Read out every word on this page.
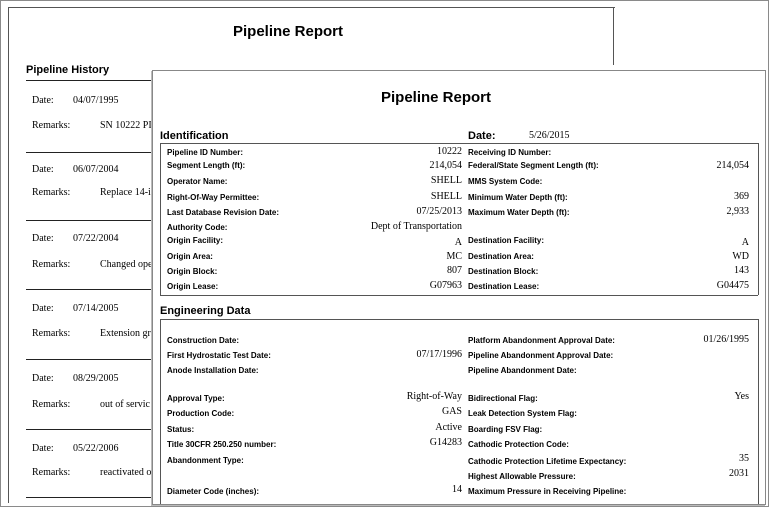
Pipeline Report
Pipeline History
Date: 04/07/1995
Remarks:	SN 10222 PI
Date: 06/07/2004
Remarks:	Replace 14-i
Date: 07/22/2004
Remarks:	Changed ope
Date: 07/14/2005
Remarks:	Extension gr
Date: 08/29/2005
Remarks:	out of servic
Date: 05/22/2006
Remarks:	reactivated o
Pipeline Report
Identification	Date:	5/26/2015
Pipeline ID Number:	10222
Segment Length (ft):	214,054
Operator Name:	SHELL
Right-Of-Way Permittee:	SHELL
Last Database Revision Date:	07/25/2013
Authority Code:	Dept of Transportation
Origin Facility:	A
Origin Area:	MC
Origin Block:	807
Origin Lease:	G07963
Receiving ID Number:
Federal/State Segment Length (ft):	214,054
MMS System Code:
Minimum Water Depth (ft):	369
Maximum Water Depth (ft):	2,933
Destination Facility:	A
Destination Area:	WD
Destination Block:	143
Destination Lease:	G04475
Engineering Data
Construction Date:
First Hydrostatic Test Date:	07/17/1996
Anode Installation Date:
Approval Type:	Right-of-Way
Production Code:	GAS
Status:	Active
Title 30CFR 250.250 number:	G14283
Abandonment Type:
Diameter Code (inches):	14
Platform Abandonment Approval Date:	01/26/1995
Pipeline Abandonment Approval Date:
Pipeline Abandonment Date:
Bidirectional Flag:	Yes
Leak Detection System Flag:
Boarding FSV Flag:
Cathodic Protection Code:
Cathodic Protection Lifetime Expectancy:	35
Highest Allowable Pressure:	2031
Maximum Pressure in Receiving Pipeline:
